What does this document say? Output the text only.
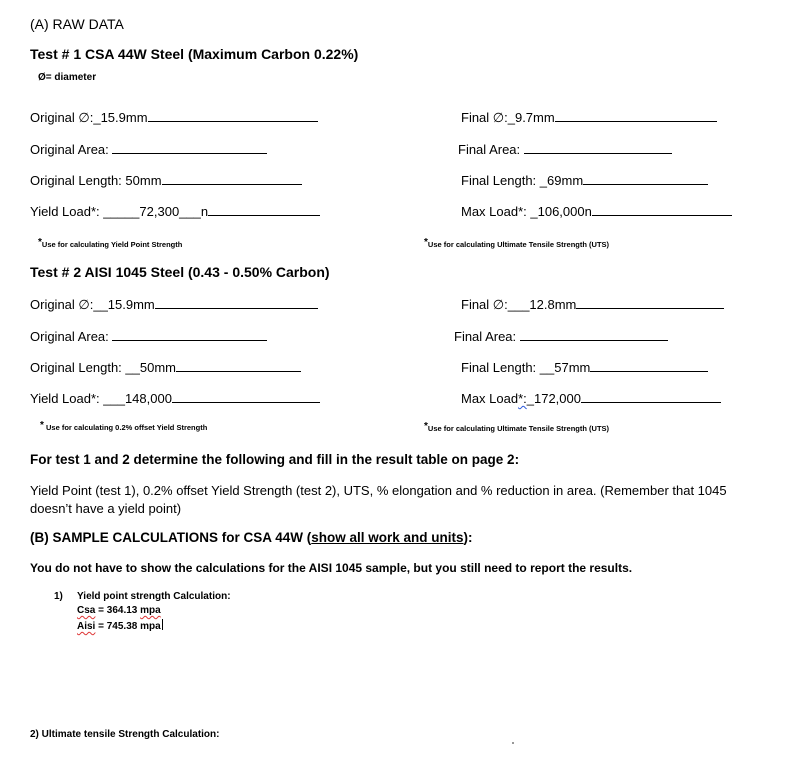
(A) RAW DATA
Test # 1 CSA 44W Steel (Maximum Carbon 0.22%)
Ø= diameter
Original ∅:_15.9mm	Final ∅:_9.7mm
Original Area:	Final Area:
Original Length: 50mm	Final Length: _69mm
Yield Load*: _____72,300___n	Max Load*: _106,000n
*Use for calculating Yield Point Strength	*Use for calculating Ultimate Tensile Strength (UTS)
Test # 2 AISI 1045 Steel (0.43 - 0.50% Carbon)
Original ∅:__15.9mm	Final ∅:___12.8mm
Original Area:	Final Area:
Original Length: __50mm	Final Length: __57mm
Yield Load*: ___148,000	Max Load*:_172,000
* Use for calculating 0.2% offset Yield Strength	*Use for calculating Ultimate Tensile Strength (UTS)
For test 1 and 2 determine the following and fill in the result table on page 2:
Yield Point (test 1), 0.2% offset Yield Strength (test 2), UTS, % elongation and % reduction in area. (Remember that 1045
doesn’t have a yield point)
(B) SAMPLE CALCULATIONS for CSA 44W (show all work and units):
You do not have to show the calculations for the AISI 1045 sample, but you still need to report the results.
1) Yield point strength Calculation:
Csa = 364.13 mpa
Aisi = 745.38 mpa
2) Ultimate tensile Strength Calculation:
